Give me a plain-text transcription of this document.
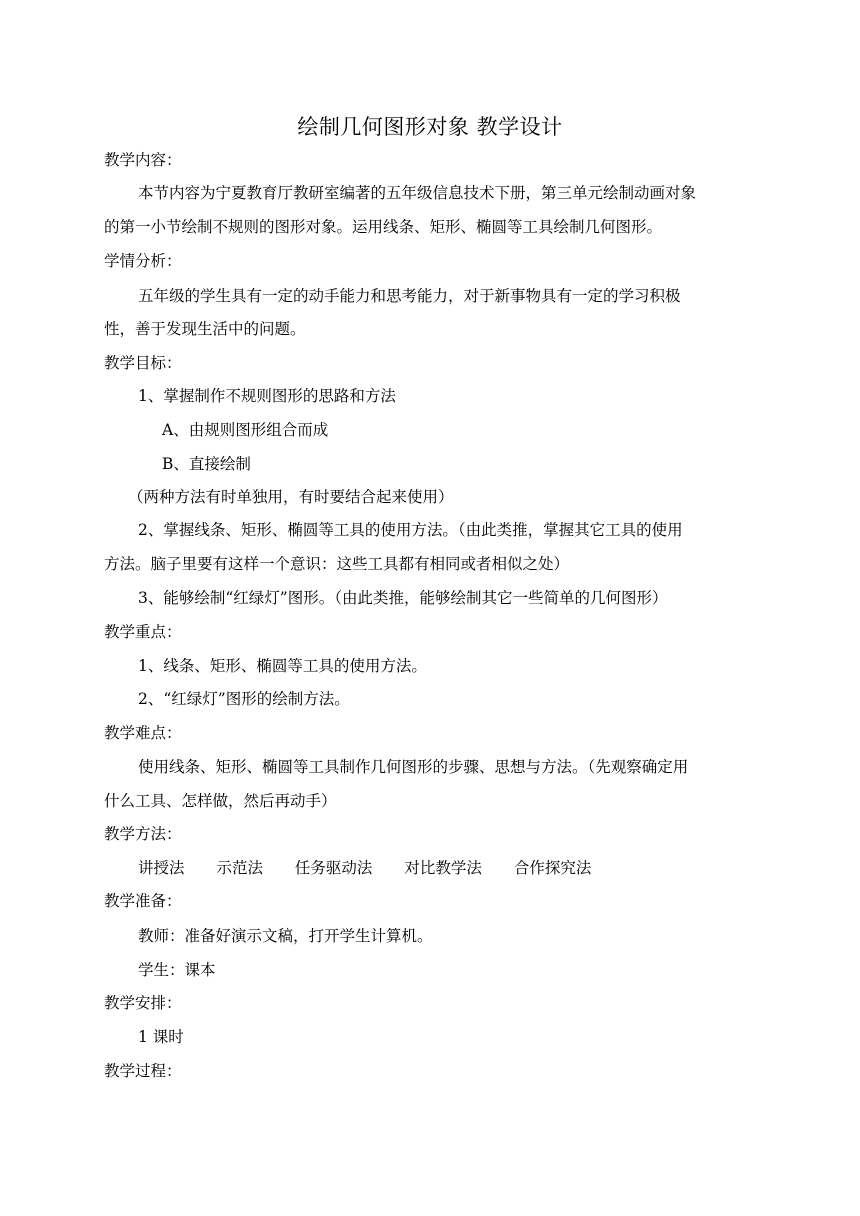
绘制几何图形对象 教学设计
教学内容：
本节内容为宁夏教育厅教研室编著的五年级信息技术下册，第三单元绘制动画对象
的第一小节绘制不规则的图形对象。运用线条、矩形、椭圆等工具绘制几何图形。
学情分析：
五年级的学生具有一定的动手能力和思考能力，对于新事物具有一定的学习积极
性，善于发现生活中的问题。
教学目标：
1、掌握制作不规则图形的思路和方法
A、由规则图形组合而成
B、直接绘制
（两种方法有时单独用，有时要结合起来使用）
2、掌握线条、矩形、椭圆等工具的使用方法。（由此类推，掌握其它工具的使用
方法。脑子里要有这样一个意识：这些工具都有相同或者相似之处）
3、能够绘制“红绿灯”图形。（由此类推，能够绘制其它一些简单的几何图形）
教学重点：
1、线条、矩形、椭圆等工具的使用方法。
2、“红绿灯”图形的绘制方法。
教学难点：
使用线条、矩形、椭圆等工具制作几何图形的步骤、思想与方法。（先观察确定用
什么工具、怎样做，然后再动手）
教学方法：
讲授法 示范法 任务驱动法 对比教学法 合作探究法
教学准备：
教师：准备好演示文稿，打开学生计算机。
学生：课本
教学安排：
1 课时
教学过程：
